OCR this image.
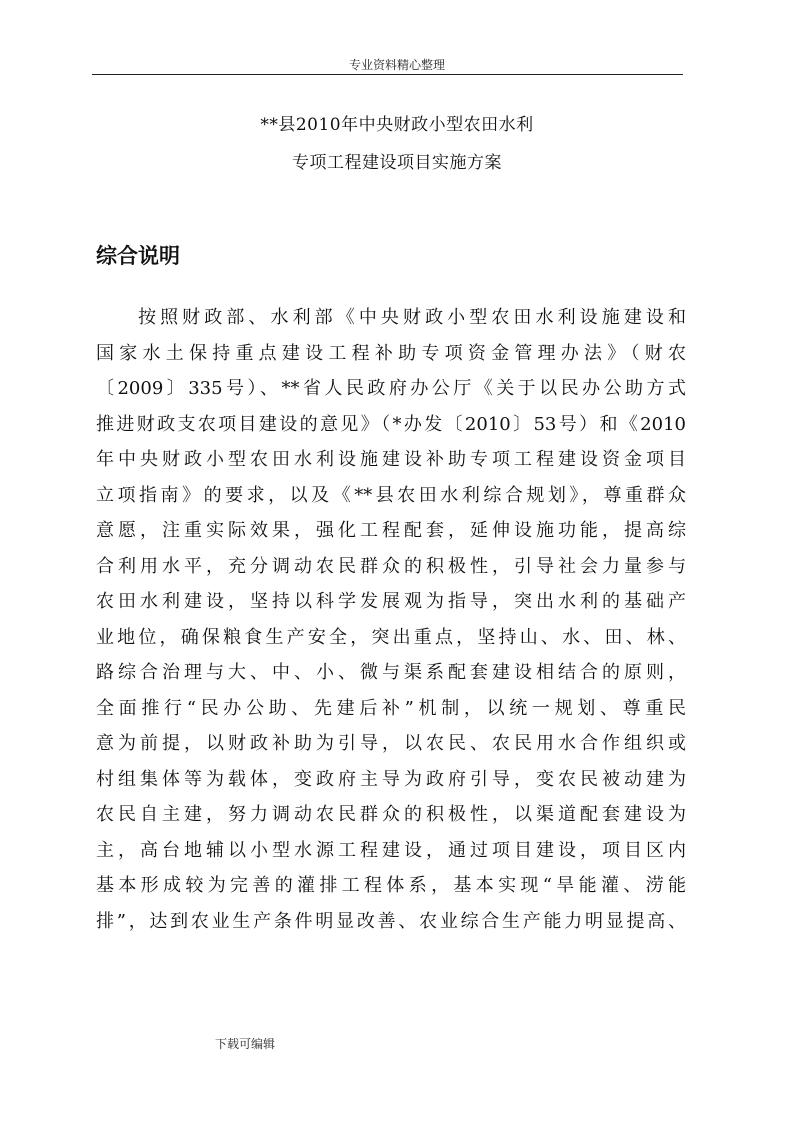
专业资料精心整理
**县2010年中央财政小型农田水利
专项工程建设项目实施方案
综合说明
按照财政部、水利部《中央财政小型农田水利设施建设和
国家水土保持重点建设工程补助专项资金管理办法》（财农
〔2009〕335号）、**省人民政府办公厅《关于以民办公助方式
推进财政支农项目建设的意见》（*办发〔2010〕53号）和《2010
年中央财政小型农田水利设施建设补助专项工程建设资金项目
立项指南》的要求，以及《**县农田水利综合规划》，尊重群众
意愿，注重实际效果，强化工程配套，延伸设施功能，提高综
合利用水平，充分调动农民群众的积极性，引导社会力量参与
农田水利建设，坚持以科学发展观为指导，突出水利的基础产
业地位，确保粮食生产安全，突出重点，坚持山、水、田、林、
路综合治理与大、中、小、微与渠系配套建设相结合的原则，
全面推行“民办公助、先建后补”机制，以统一规划、尊重民
意为前提，以财政补助为引导，以农民、农民用水合作组织或
村组集体等为载体，变政府主导为政府引导，变农民被动建为
农民自主建，努力调动农民群众的积极性，以渠道配套建设为
主，高台地辅以小型水源工程建设，通过项目建设，项目区内
基本形成较为完善的灌排工程体系，基本实现“旱能灌、涝能
排”，达到农业生产条件明显改善、农业综合生产能力明显提高、
下载可编辑
